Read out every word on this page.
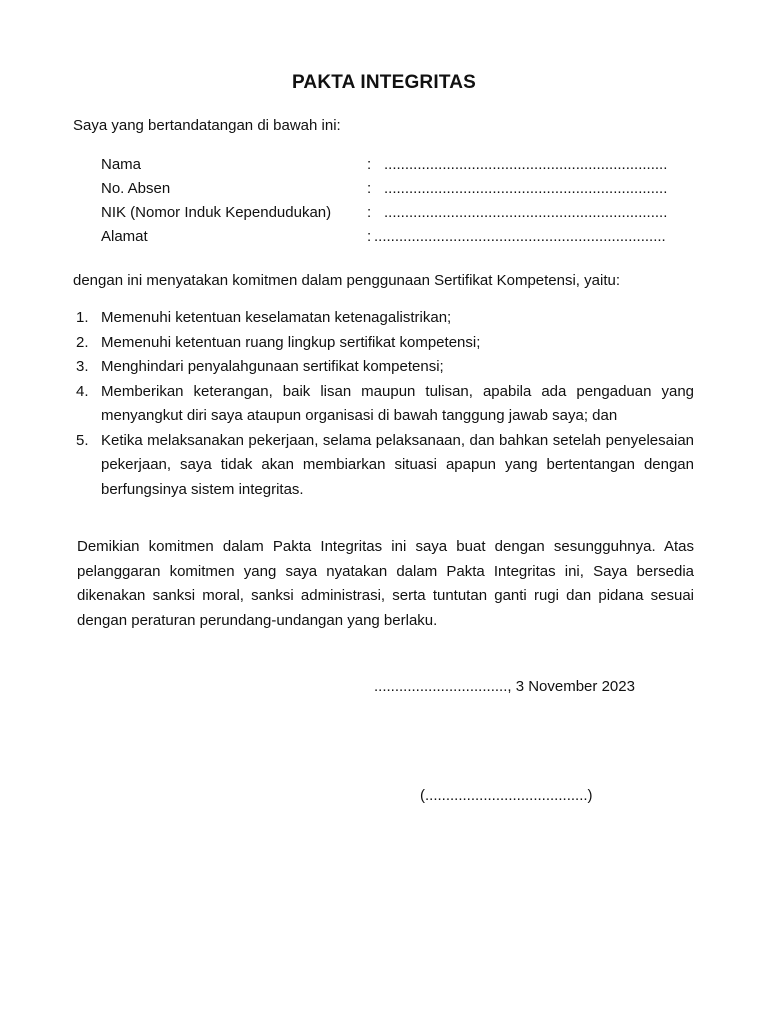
PAKTA INTEGRITAS
Saya yang bertandatangan di bawah ini:
Nama	: ....................................................................
No. Absen	: ....................................................................
NIK (Nomor Induk Kependudukan) : ....................................................................
Alamat	: ......................................................................
dengan ini menyatakan komitmen dalam penggunaan Sertifikat Kompetensi, yaitu:
1. Memenuhi ketentuan keselamatan ketenagalistrikan;
2. Memenuhi ketentuan ruang lingkup sertifikat kompetensi;
3. Menghindari penyalahgunaan sertifikat kompetensi;
4. Memberikan keterangan, baik lisan maupun tulisan, apabila ada pengaduan yang menyangkut diri saya ataupun organisasi di bawah tanggung jawab saya; dan
5. Ketika melaksanakan pekerjaan, selama pelaksanaan, dan bahkan setelah penyelesaian pekerjaan, saya tidak akan membiarkan situasi apapun yang bertentangan dengan berfungsinya sistem integritas.
Demikian komitmen dalam Pakta Integritas ini saya buat dengan sesungguhnya. Atas pelanggaran komitmen yang saya nyatakan dalam Pakta Integritas ini, Saya bersedia dikenakan sanksi moral, sanksi administrasi, serta tuntutan ganti rugi dan pidana sesuai dengan peraturan perundang-undangan yang berlaku.
................................, 3 November 2023
(.......................................)
